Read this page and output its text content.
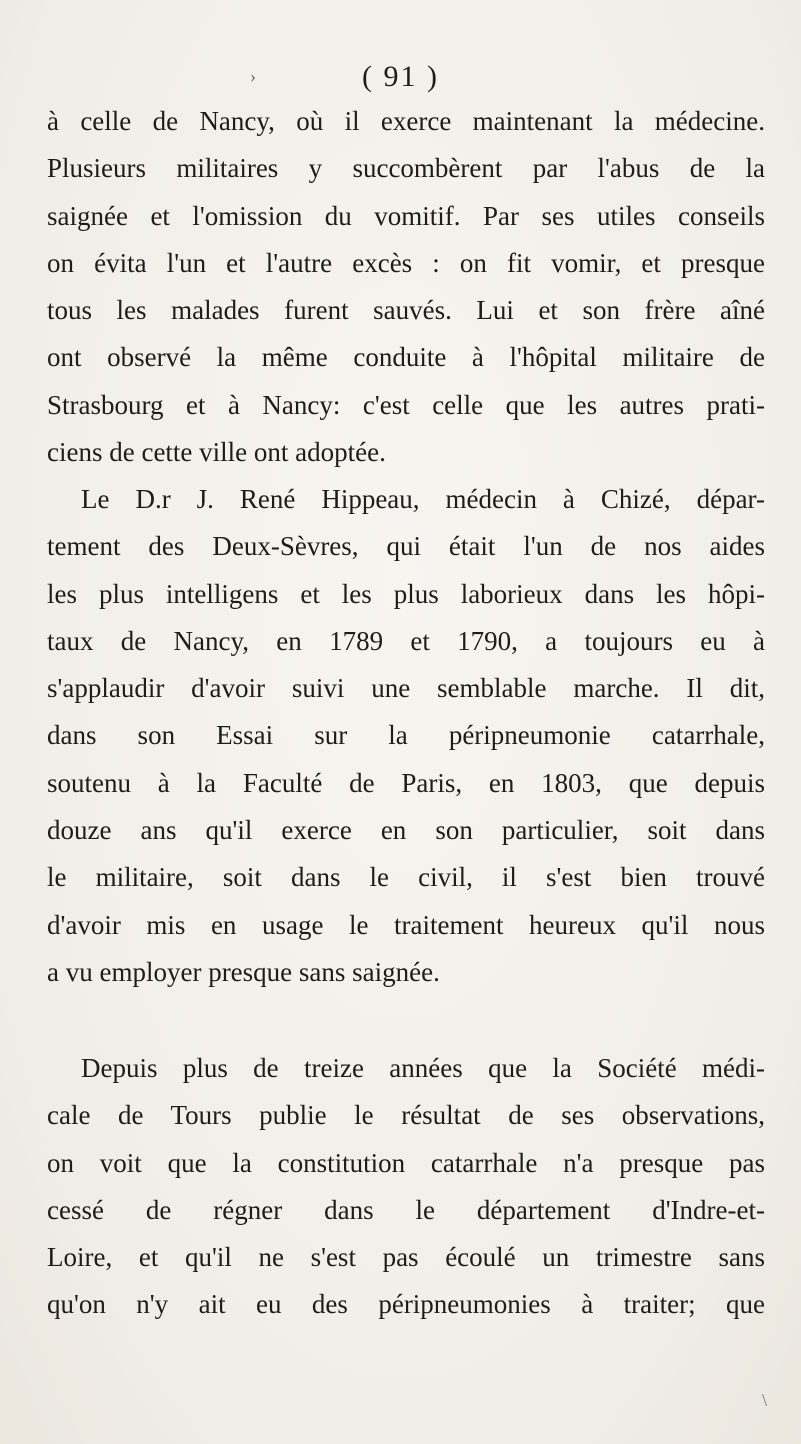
›	( 91 )
à celle de Nancy, où il exerce maintenant la médecine.
Plusieurs militaires y succombèrent par l'abus de la
saignée et l'omission du vomitif. Par ses utiles conseils
on évita l'un et l'autre excès : on fit vomir, et presque
tous les malades furent sauvés. Lui et son frère aîné
ont observé la même conduite à l'hôpital militaire de
Strasbourg et à Nancy: c'est celle que les autres prati-
ciens de cette ville ont adoptée.
Le D.r J. René Hippeau, médecin à Chizé, dépar-
tement des Deux-Sèvres, qui était l'un de nos aides
les plus intelligens et les plus laborieux dans les hôpi-
taux de Nancy, en 1789 et 1790, a toujours eu à
s'applaudir d'avoir suivi une semblable marche. Il dit,
dans son Essai sur la péripneumonie catarrhale,
soutenu à la Faculté de Paris, en 1803, que depuis
douze ans qu'il exerce en son particulier, soit dans
le militaire, soit dans le civil, il s'est bien trouvé
d'avoir mis en usage le traitement heureux qu'il nous
a vu employer presque sans saignée.
Depuis plus de treize années que la Société médi-
cale de Tours publie le résultat de ses observations,
on voit que la constitution catarrhale n'a presque pas
cessé de régner dans le département d'Indre-et-
Loire, et qu'il ne s'est pas écoulé un trimestre sans
qu'on n'y ait eu des péripneumonies à traiter; que
\
